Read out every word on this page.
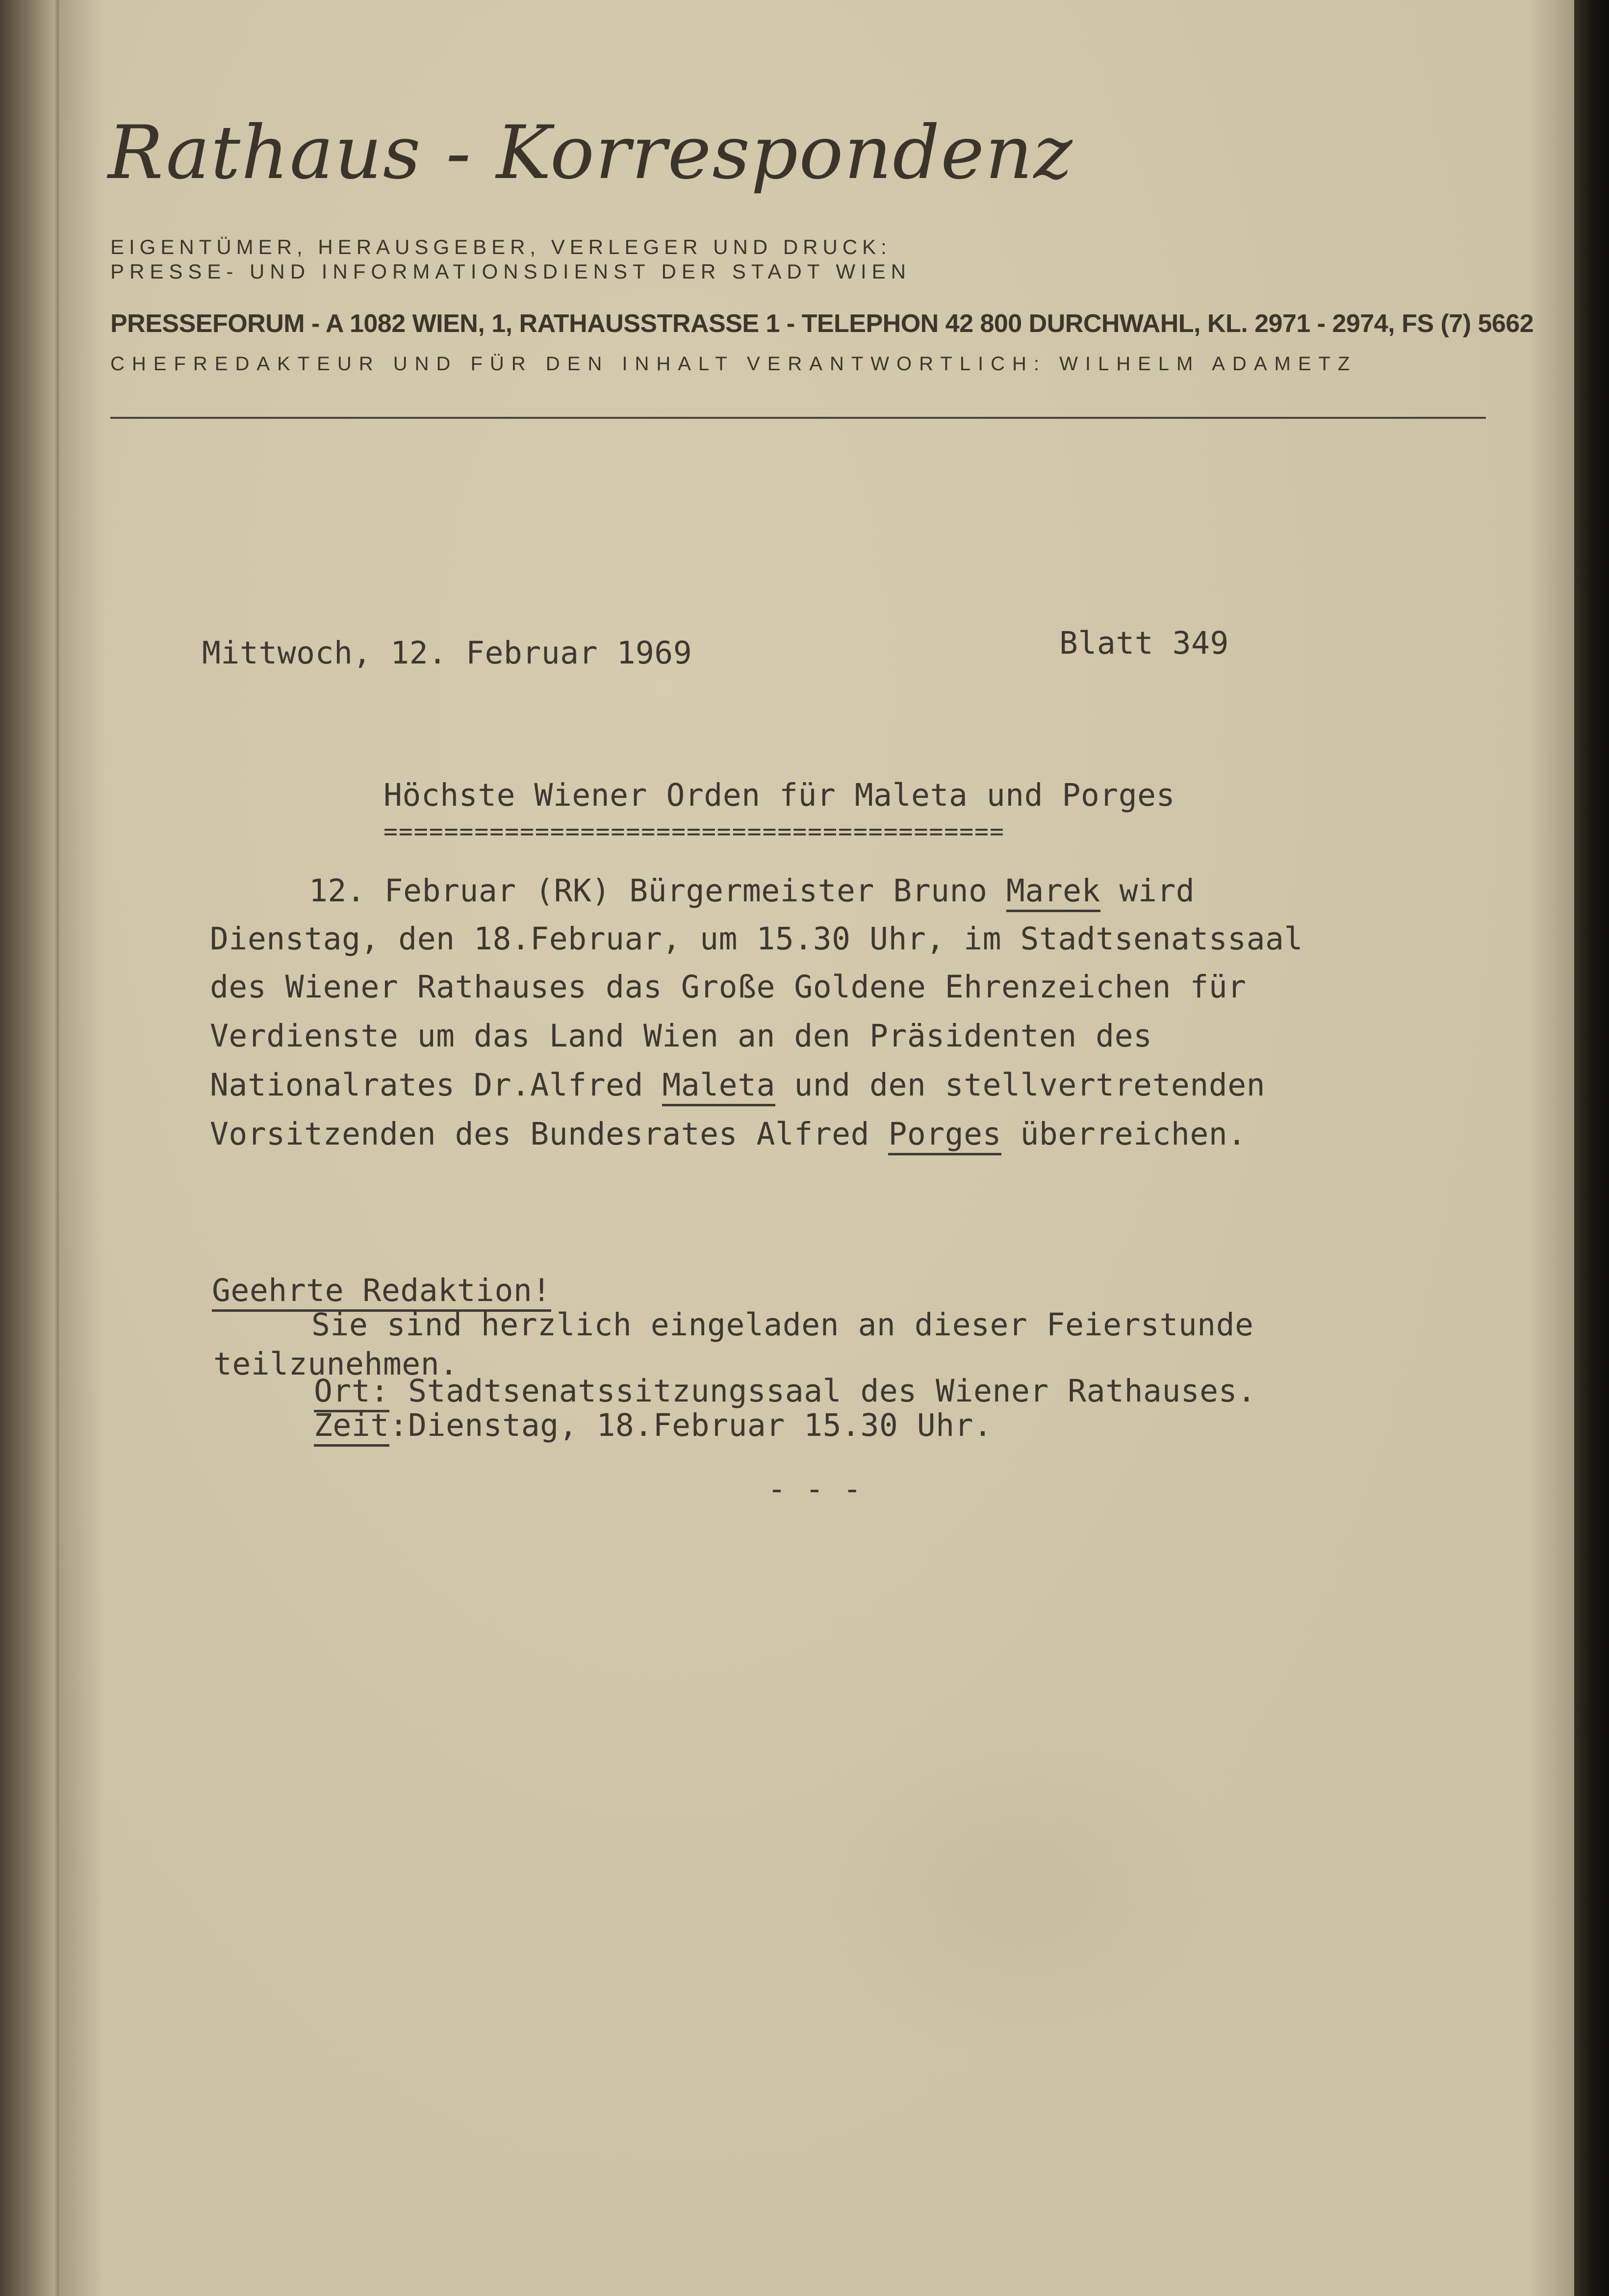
Rathaus - Korrespondenz
EIGENTÜMER, HERAUSGEBER, VERLEGER UND DRUCK:
PRESSE- UND INFORMATIONSDIENST DER STADT WIEN
PRESSEFORUM - A 1082 WIEN, 1, RATHAUSSTRASSE 1 - TELEPHON 42 800 DURCHWAHL, KL. 2971 - 2974, FS (7) 5662
CHEFREDAKTEUR UND FÜR DEN INHALT VERANTWORTLICH: WILHELM ADAMETZ
Mittwoch, 12. Februar 1969	Blatt 349
Höchste Wiener Orden für Maleta und Porges
=========================================
12. Februar (RK) Bürgermeister Bruno Marek wird
Dienstag, den 18.Februar, um 15.30 Uhr, im Stadtsenatssaal
des Wiener Rathauses das Große Goldene Ehrenzeichen für
Verdienste um das Land Wien an den Präsidenten des
Nationalrates Dr.Alfred Maleta und den stellvertretenden
Vorsitzenden des Bundesrates Alfred Porges überreichen.
Geehrte Redaktion!
Sie sind herzlich eingeladen an dieser Feierstunde
teilzunehmen.
Ort: Stadtsenatssitzungssaal des Wiener Rathauses.
Zeit:Dienstag, 18.Februar 15.30 Uhr.
- - -
